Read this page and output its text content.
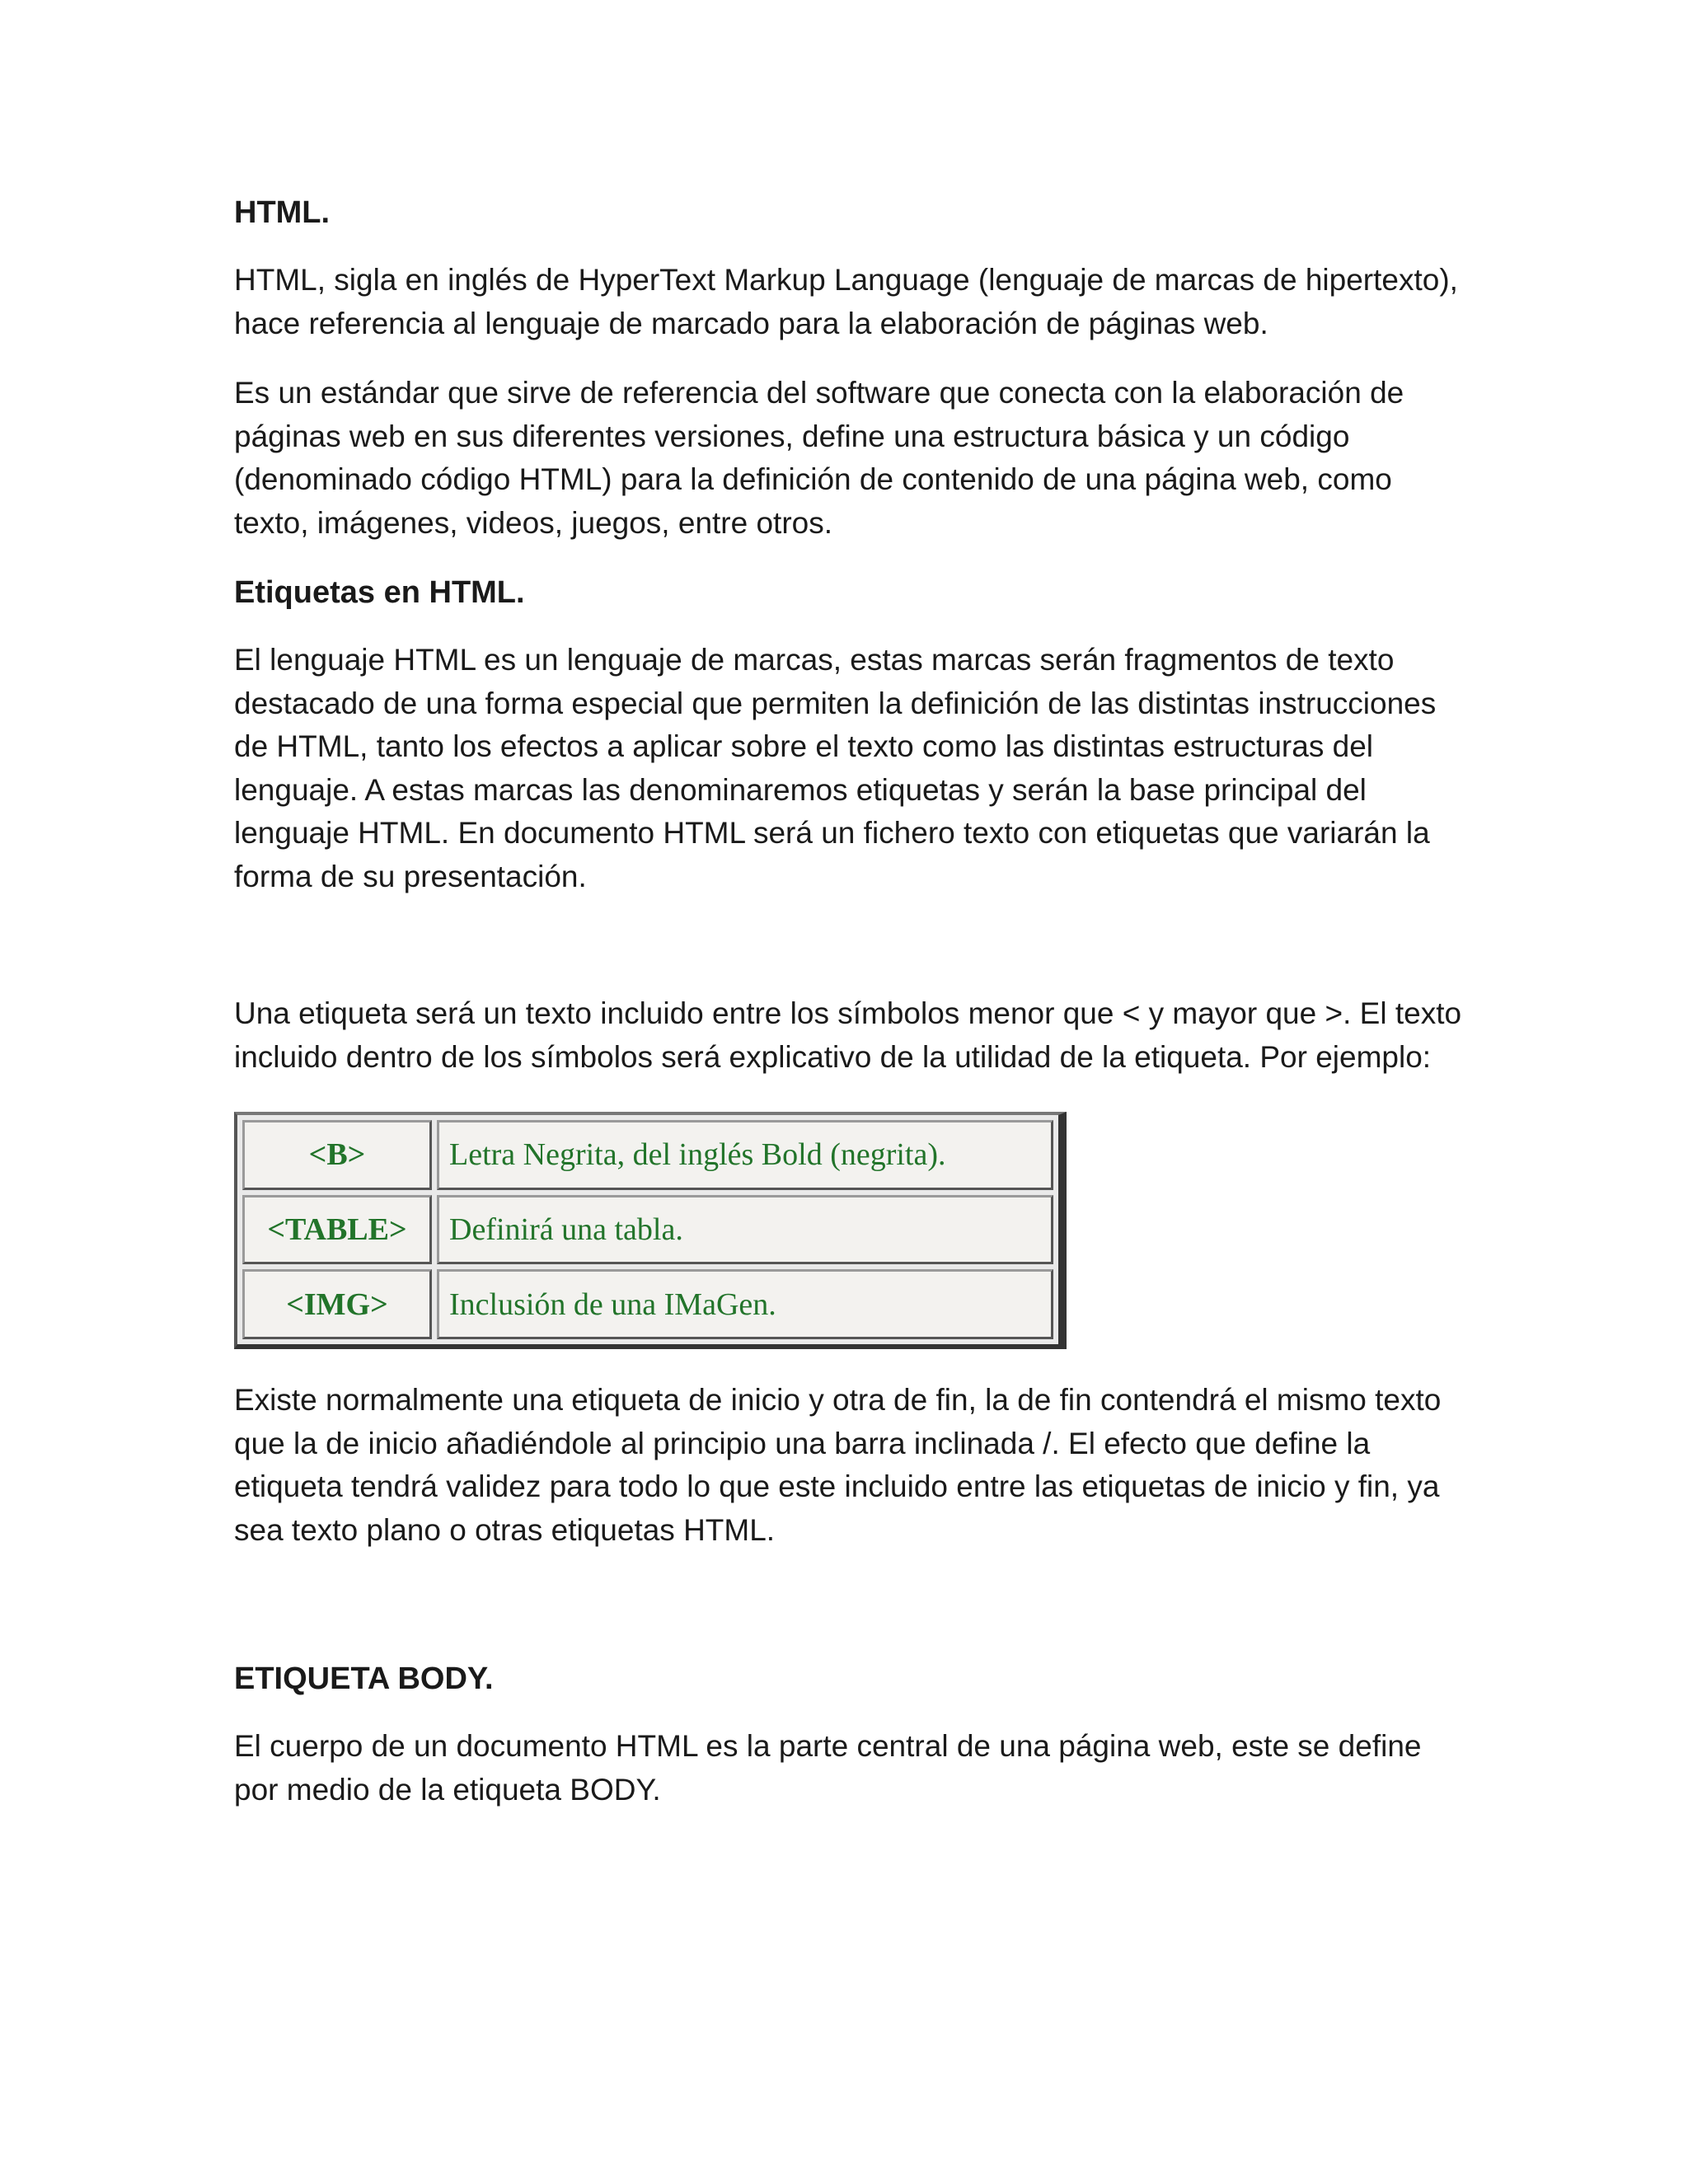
HTML.

HTML, sigla en inglés de HyperText Markup Language (lenguaje de marcas de hipertexto), hace referencia al lenguaje de marcado para la elaboración de páginas web.

Es un estándar que sirve de referencia del software que conecta con la elaboración de páginas web en sus diferentes versiones, define una estructura básica y un código (denominado código HTML) para la definición de contenido de una página web, como texto, imágenes, videos, juegos, entre otros.

Etiquetas en HTML.

El lenguaje HTML es un lenguaje de marcas, estas marcas serán fragmentos de texto destacado de una forma especial que permiten la definición de las distintas instrucciones de HTML, tanto los efectos a aplicar sobre el texto como las distintas estructuras del lenguaje. A estas marcas las denominaremos etiquetas y serán la base principal del lenguaje HTML. En documento HTML será un fichero texto con etiquetas que variarán la forma de su presentación.

Una etiqueta será un texto incluido entre los símbolos menor que < y mayor que >. El texto incluido dentro de los símbolos será explicativo de la utilidad de la etiqueta. Por ejemplo:

<B>	Letra Negrita, del inglés Bold (negrita).
<TABLE>	Definirá una tabla.
<IMG>	Inclusión de una IMaGen.

Existe normalmente una etiqueta de inicio y otra de fin, la de fin contendrá el mismo texto que la de inicio añadiéndole al principio una barra inclinada /. El efecto que define la etiqueta tendrá validez para todo lo que este incluido entre las etiquetas de inicio y fin, ya sea texto plano o otras etiquetas HTML.

ETIQUETA BODY.

El cuerpo de un documento HTML es la parte central de una página web, este se define por medio de la etiqueta BODY.
